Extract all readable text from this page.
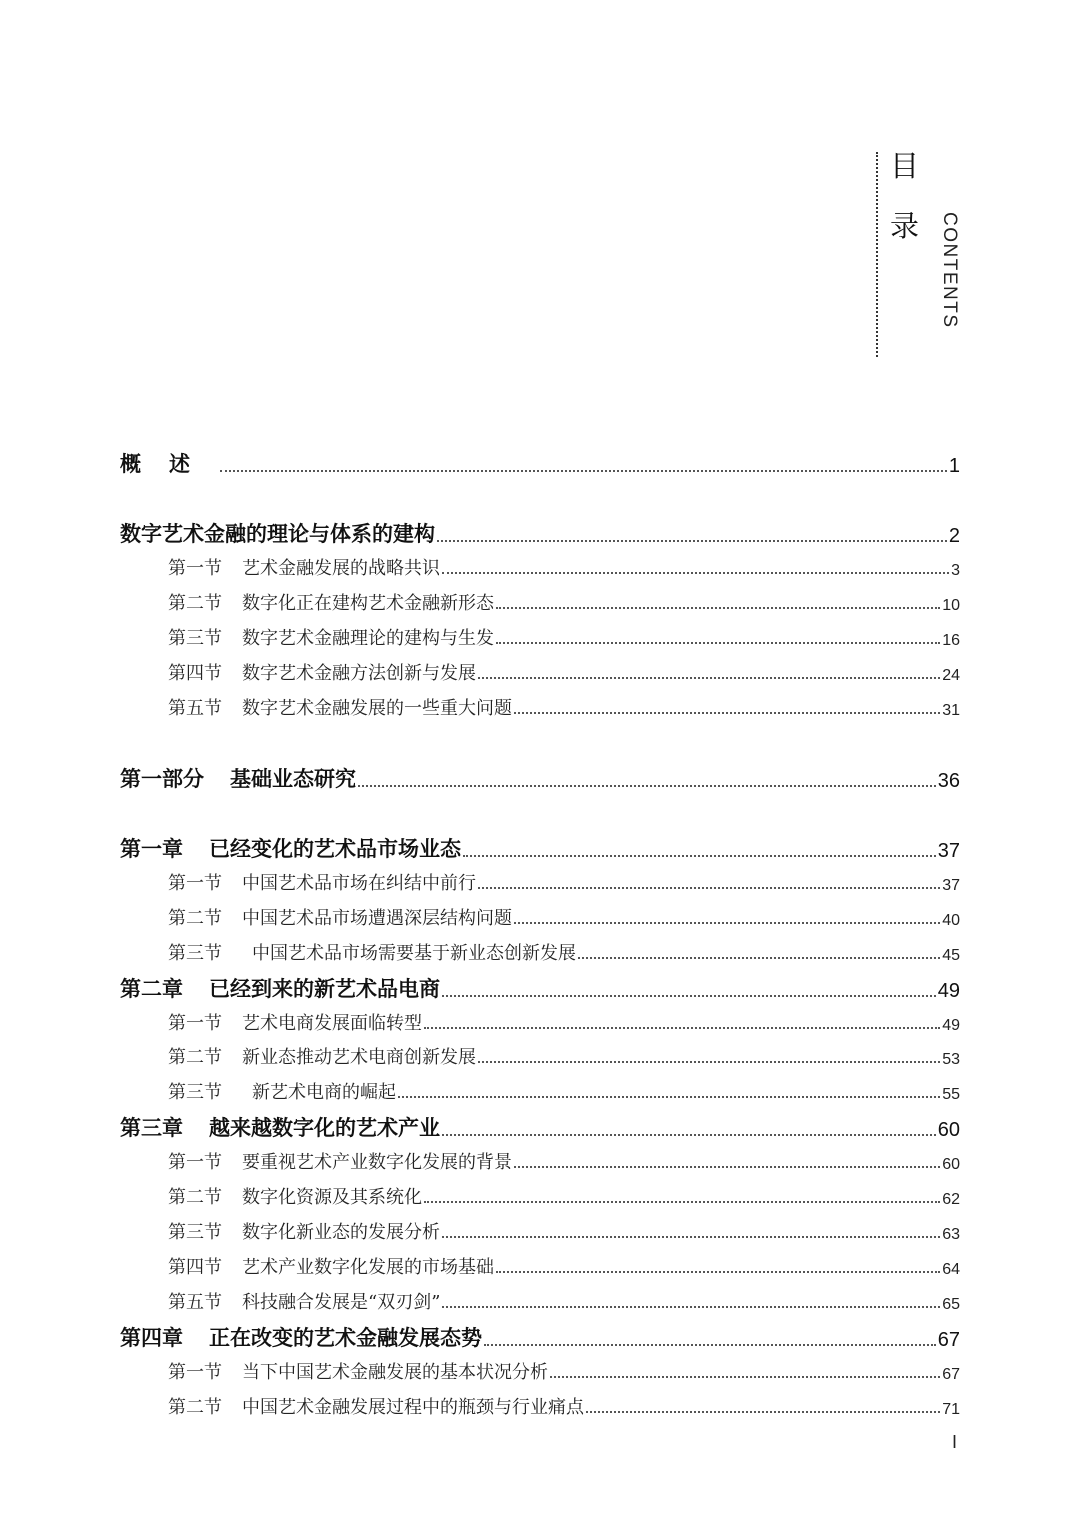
目
录 CONTENTS
概述	1
数字艺术金融的理论与体系的建构	2
第一节 艺术金融发展的战略共识	3
第二节 数字化正在建构艺术金融新形态	10
第三节 数字艺术金融理论的建构与生发	16
第四节 数字艺术金融方法创新与发展	24
第五节 数字艺术金融发展的一些重大问题	31
第一部分 基础业态研究	36
第一章 已经变化的艺术品市场业态	37
第一节 中国艺术品市场在纠结中前行	37
第二节 中国艺术品市场遭遇深层结构问题	40
第三节 中国艺术品市场需要基于新业态创新发展	45
第二章 已经到来的新艺术品电商	49
第一节 艺术电商发展面临转型	49
第二节 新业态推动艺术电商创新发展	53
第三节 新艺术电商的崛起	55
第三章 越来越数字化的艺术产业	60
第一节 要重视艺术产业数字化发展的背景	60
第二节 数字化资源及其系统化	62
第三节 数字化新业态的发展分析	63
第四节 艺术产业数字化发展的市场基础	64
第五节 科技融合发展是“双刃剑”	65
第四章 正在改变的艺术金融发展态势	67
第一节 当下中国艺术金融发展的基本状况分析	67
第二节 中国艺术金融发展过程中的瓶颈与行业痛点	71
I
